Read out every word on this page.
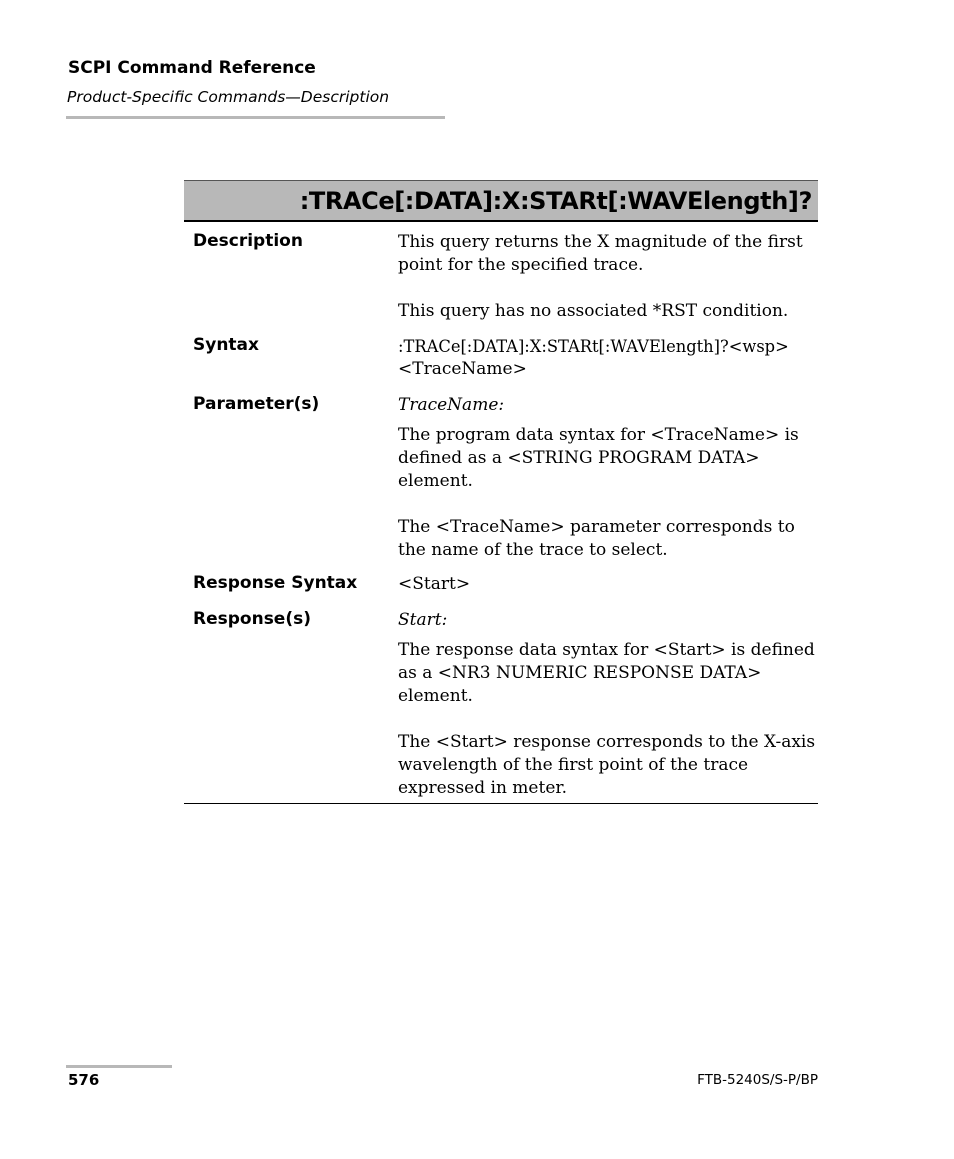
SCPI Command Reference
Product-Specific Commands—Description
:TRACe[:DATA]:X:STARt[:WAVElength]?
Description	This query returns the X magnitude of the first point for the specified trace.

This query has no associated *RST condition.

Syntax	:TRACe[:DATA]:X:STARt[:WAVElength]?<wsp>

<TraceName>

Parameter(s)	TraceName:

The program data syntax for <TraceName> is defined as a <STRING PROGRAM DATA> element.

The <TraceName> parameter corresponds to the name of the trace to select.

Response Syntax <Start>

Response(s)	Start:

The response data syntax for <Start> is defined as a <NR3 NUMERIC RESPONSE DATA> element.

The <Start> response corresponds to the X-axis wavelength of the first point of the trace expressed in meter.

576	FTB-5240S/S-P/BP
